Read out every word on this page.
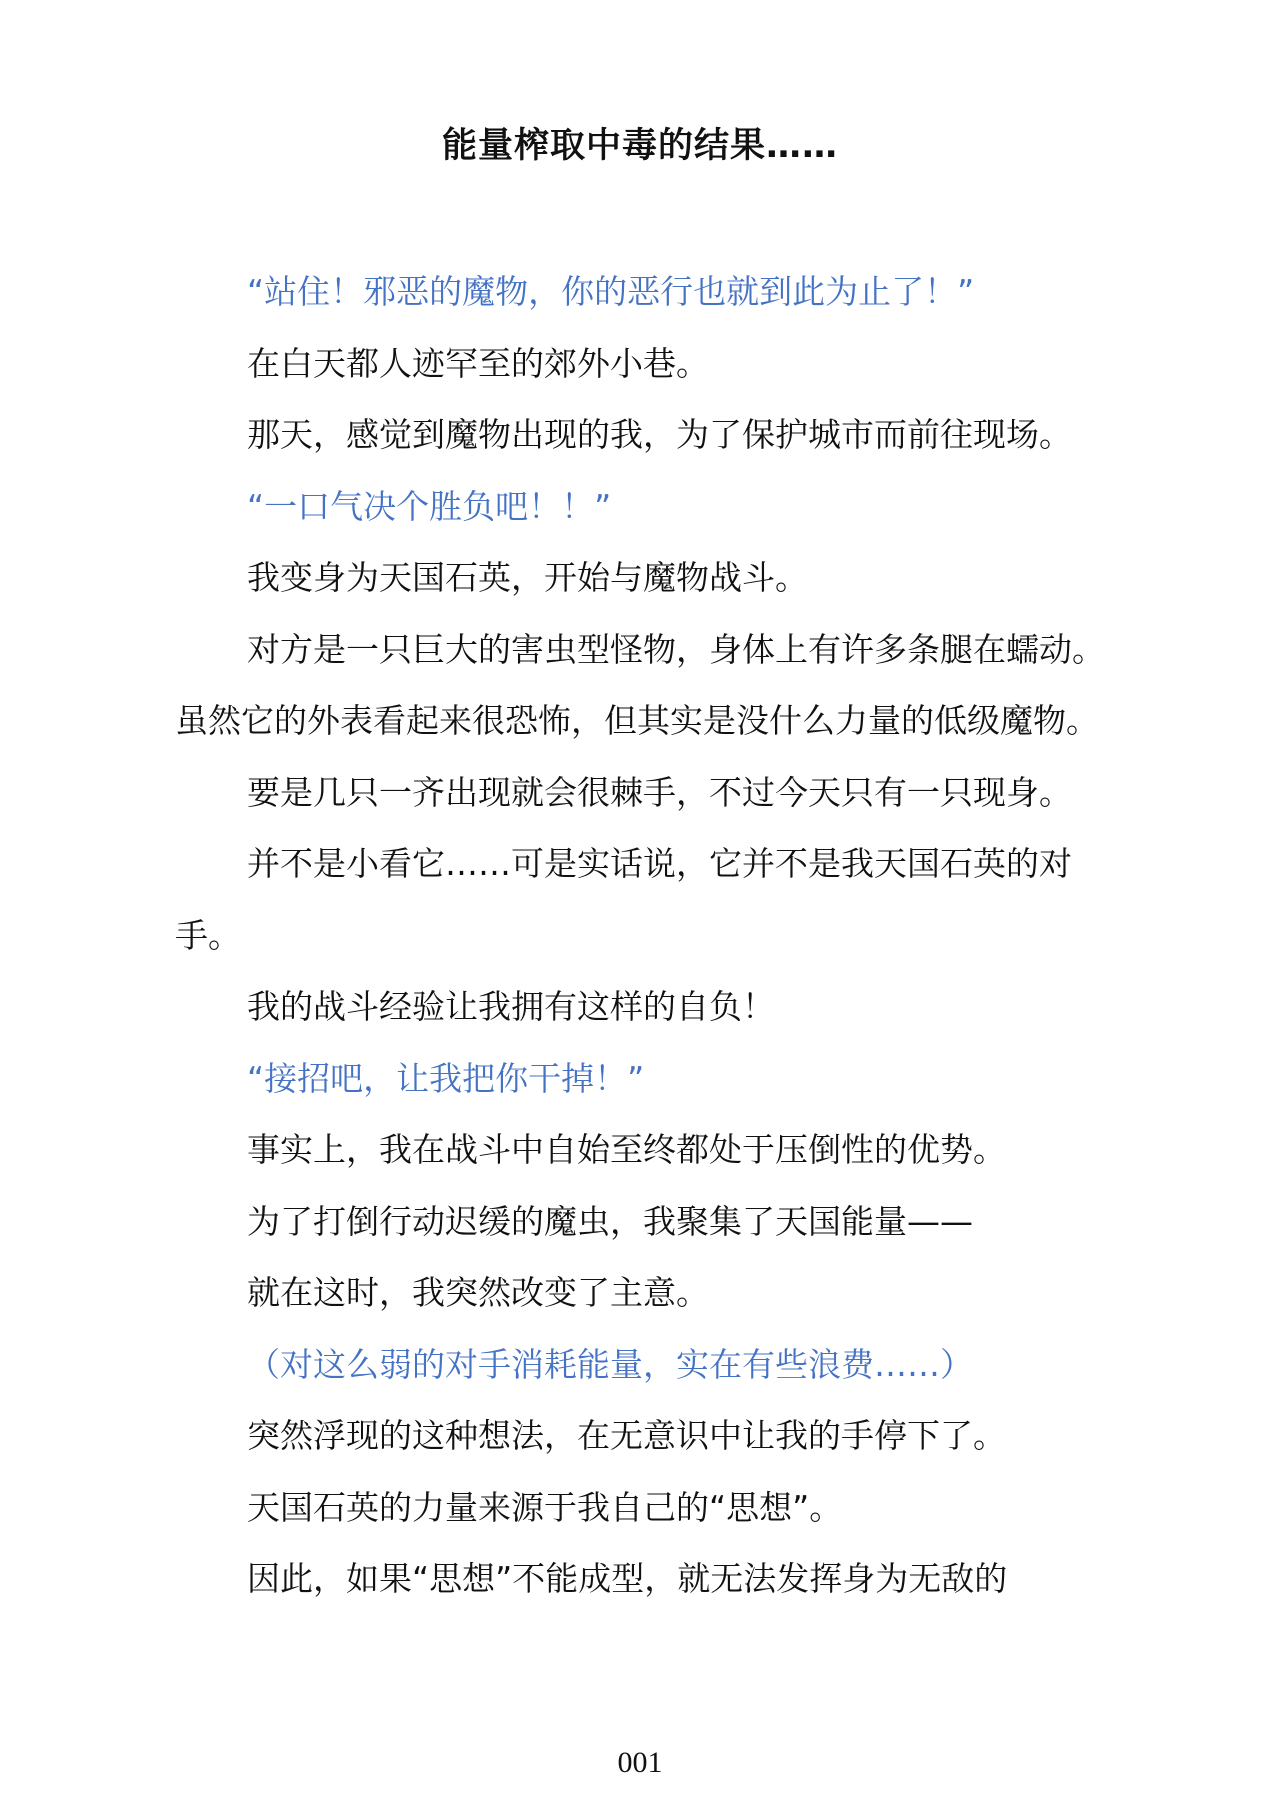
能量榨取中毒的结果……

“站住！邪恶的魔物，你的恶行也就到此为止了！”

在白天都人迹罕至的郊外小巷。

那天，感觉到魔物出现的我，为了保护城市而前往现场。

“一口气决个胜负吧！！”

我变身为天国石英，开始与魔物战斗。

对方是一只巨大的害虫型怪物，身体上有许多条腿在蠕动。虽然它的外表看起来很恐怖，但其实是没什么力量的低级魔物。

要是几只一齐出现就会很棘手，不过今天只有一只现身。

并不是小看它……可是实话说，它并不是我天国石英的对手。

我的战斗经验让我拥有这样的自负！

“接招吧，让我把你干掉！”

事实上，我在战斗中自始至终都处于压倒性的优势。

为了打倒行动迟缓的魔虫，我聚集了天国能量——

就在这时，我突然改变了主意。

（对这么弱的对手消耗能量，实在有些浪费……）

突然浮现的这种想法，在无意识中让我的手停下了。

天国石英的力量来源于我自己的“思想”。

因此，如果“思想”不能成型，就无法发挥身为无敌的

001
